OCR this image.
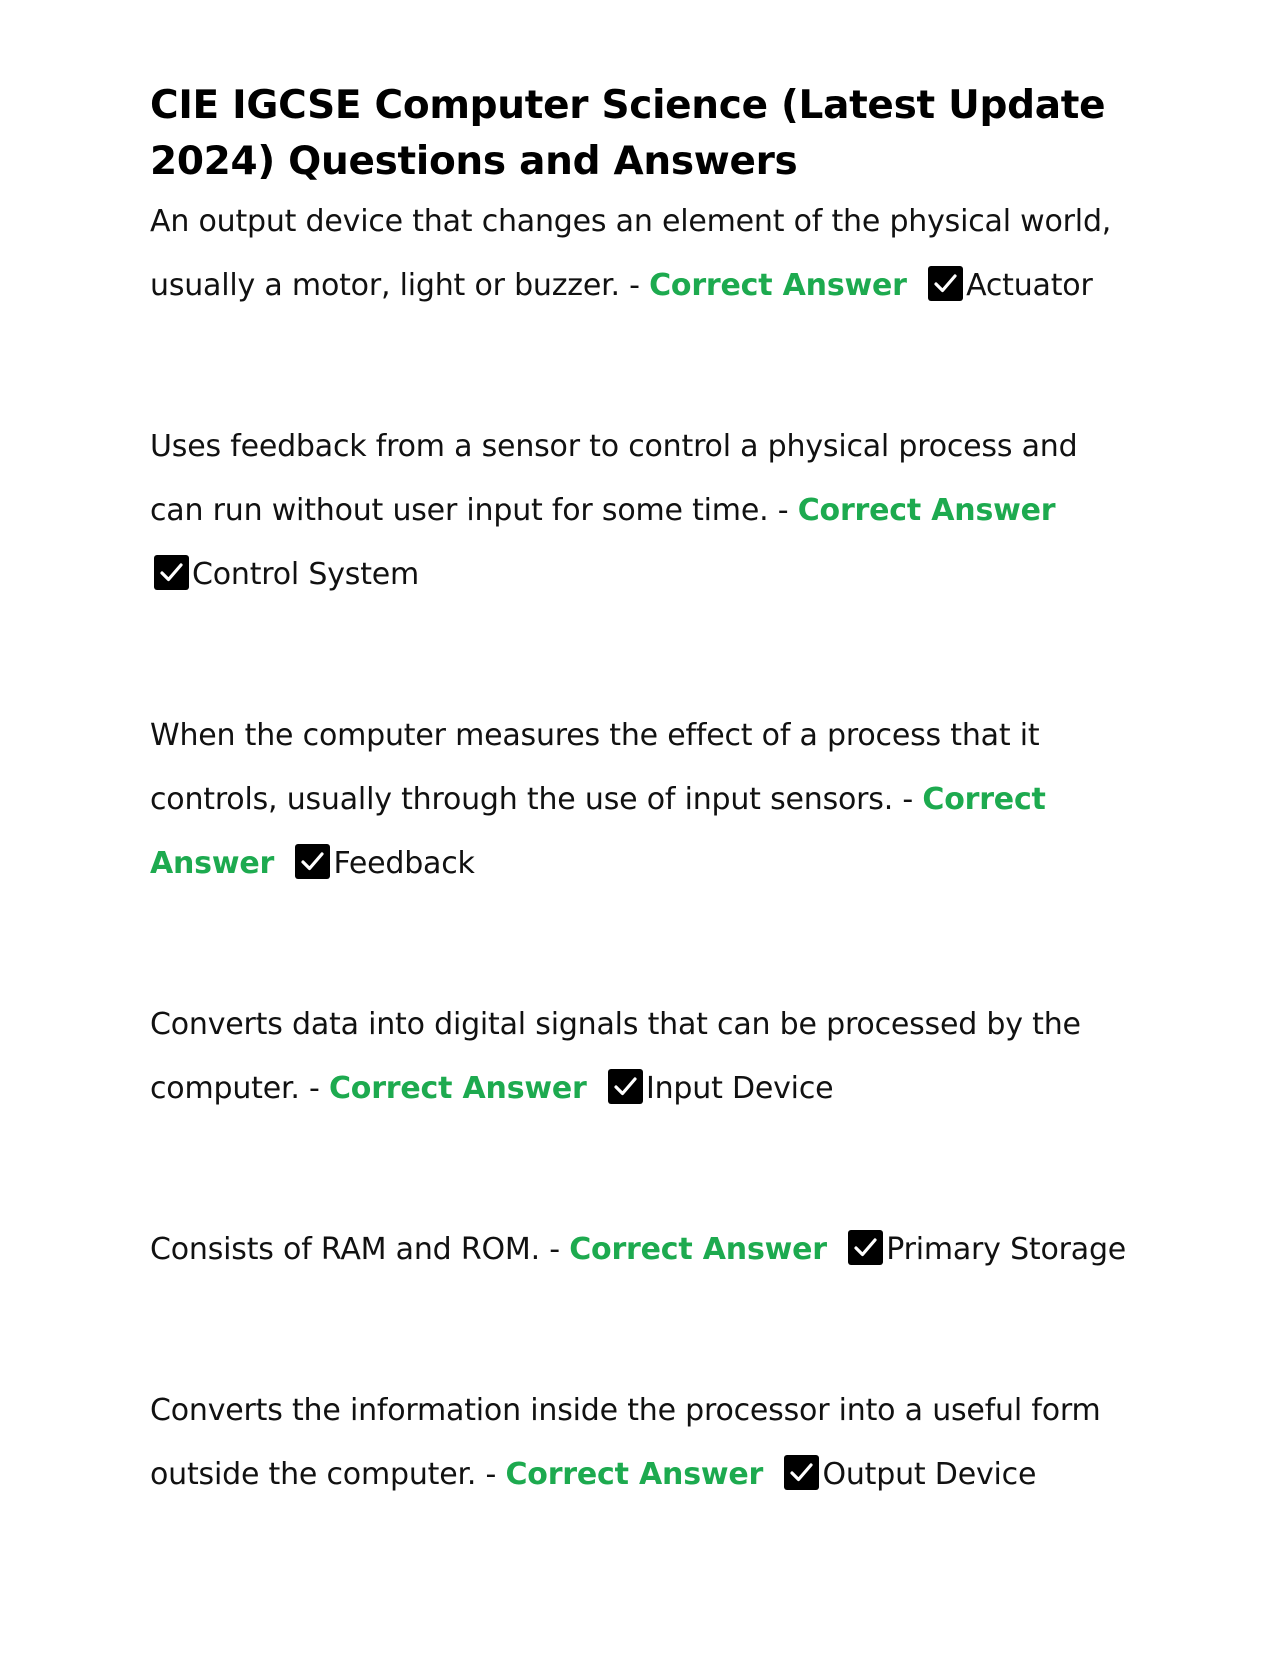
CIE IGCSE Computer Science (Latest Update 2024) Questions and Answers

An output device that changes an element of the physical world, usually a motor, light or buzzer. - Correct Answer Actuator

Uses feedback from a sensor to control a physical process and can run without user input for some time. - Correct Answer

Control System

When the computer measures the effect of a process that it controls, usually through the use of input sensors. - Correct Answer Feedback

Converts data into digital signals that can be processed by the computer. - Correct Answer Input Device

Consists of RAM and ROM. - Correct Answer Primary Storage

Converts the information inside the processor into a useful form outside the computer. - Correct Answer Output Device
